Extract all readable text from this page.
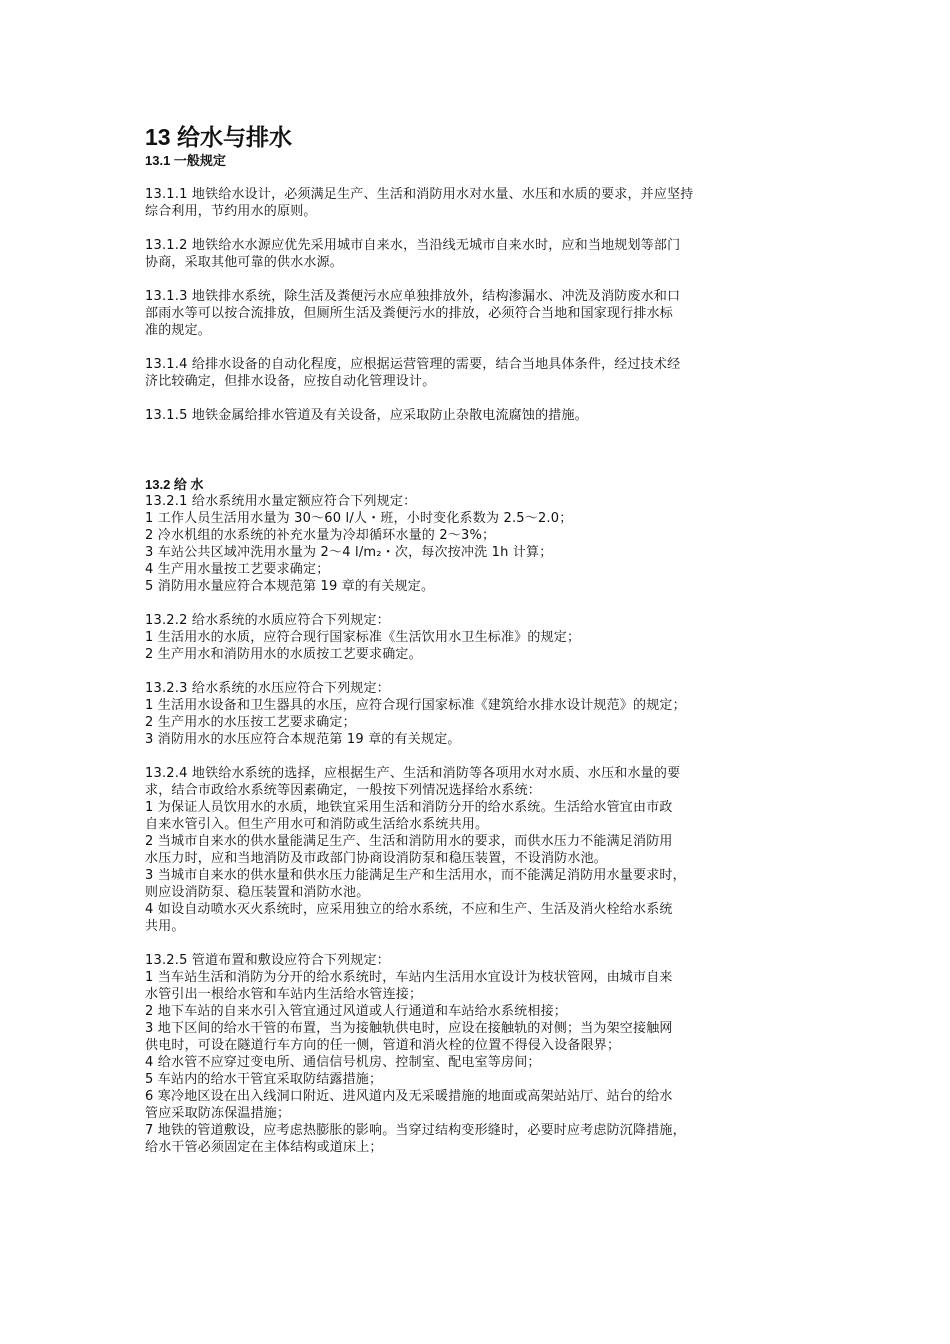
13 给水与排水
13.1 一般规定

13.1.1 地铁给水设计，必须满足生产、生活和消防用水对水量、水压和水质的要求，并应坚持
综合利用，节约用水的原则。

13.1.2 地铁给水水源应优先采用城市自来水，当沿线无城市自来水时，应和当地规划等部门
协商，采取其他可靠的供水水源。

13.1.3 地铁排水系统，除生活及粪便污水应单独排放外，结构渗漏水、冲洗及消防废水和口
部雨水等可以按合流排放，但厕所生活及粪便污水的排放，必须符合当地和国家现行排水标
准的规定。

13.1.4 给排水设备的自动化程度，应根据运营管理的需要，结合当地具体条件，经过技术经
济比较确定，但排水设备，应按自动化管理设计。

13.1.5 地铁金属给排水管道及有关设备，应采取防止杂散电流腐蚀的措施。

13.2 给 水

13.2.1 给水系统用水量定额应符合下列规定：
1 工作人员生活用水量为 30～60 l/人・班，小时变化系数为 2.5～2.0；
2 冷水机组的水系统的补充水量为冷却循环水量的 2～3%；
3 车站公共区域冲洗用水量为 2～4 l/m₂・次，每次按冲洗 1h 计算；
4 生产用水量按工艺要求确定；
5 消防用水量应符合本规范第 19 章的有关规定。

13.2.2 给水系统的水质应符合下列规定：
1 生活用水的水质，应符合现行国家标准《生活饮用水卫生标准》的规定；
2 生产用水和消防用水的水质按工艺要求确定。

13.2.3 给水系统的水压应符合下列规定：
1 生活用水设备和卫生器具的水压，应符合现行国家标准《建筑给水排水设计规范》的规定；
2 生产用水的水压按工艺要求确定；
3 消防用水的水压应符合本规范第 19 章的有关规定。

13.2.4 地铁给水系统的选择，应根据生产、生活和消防等各项用水对水质、水压和水量的要
求，结合市政给水系统等因素确定，一般按下列情况选择给水系统：
1 为保证人员饮用水的水质，地铁宜采用生活和消防分开的给水系统。生活给水管宜由市政
自来水管引入。但生产用水可和消防或生活给水系统共用。
2 当城市自来水的供水量能满足生产、生活和消防用水的要求，而供水压力不能满足消防用
水压力时，应和当地消防及市政部门协商设消防泵和稳压装置，不设消防水池。
3 当城市自来水的供水量和供水压力能满足生产和生活用水，而不能满足消防用水量要求时，
则应设消防泵、稳压装置和消防水池。
4 如设自动喷水灭火系统时，应采用独立的给水系统，不应和生产、生活及消火栓给水系统
共用。

13.2.5 管道布置和敷设应符合下列规定：
1 当车站生活和消防为分开的给水系统时，车站内生活用水宜设计为枝状管网，由城市自来
水管引出一根给水管和车站内生活给水管连接；
2 地下车站的自来水引入管宜通过风道或人行通道和车站给水系统相接；
3 地下区间的给水干管的布置，当为接触轨供电时，应设在接触轨的对侧；当为架空接触网
供电时，可设在隧道行车方向的任一侧，管道和消火栓的位置不得侵入设备限界；
4 给水管不应穿过变电所、通信信号机房、控制室、配电室等房间；
5 车站内的给水干管宜采取防结露措施；
6 寒冷地区设在出入线洞口附近、进风道内及无采暖措施的地面或高架站站厅、站台的给水
管应采取防冻保温措施；
7 地铁的管道敷设，应考虑热膨胀的影响。当穿过结构变形缝时，必要时应考虑防沉降措施，
给水干管必须固定在主体结构或道床上；
